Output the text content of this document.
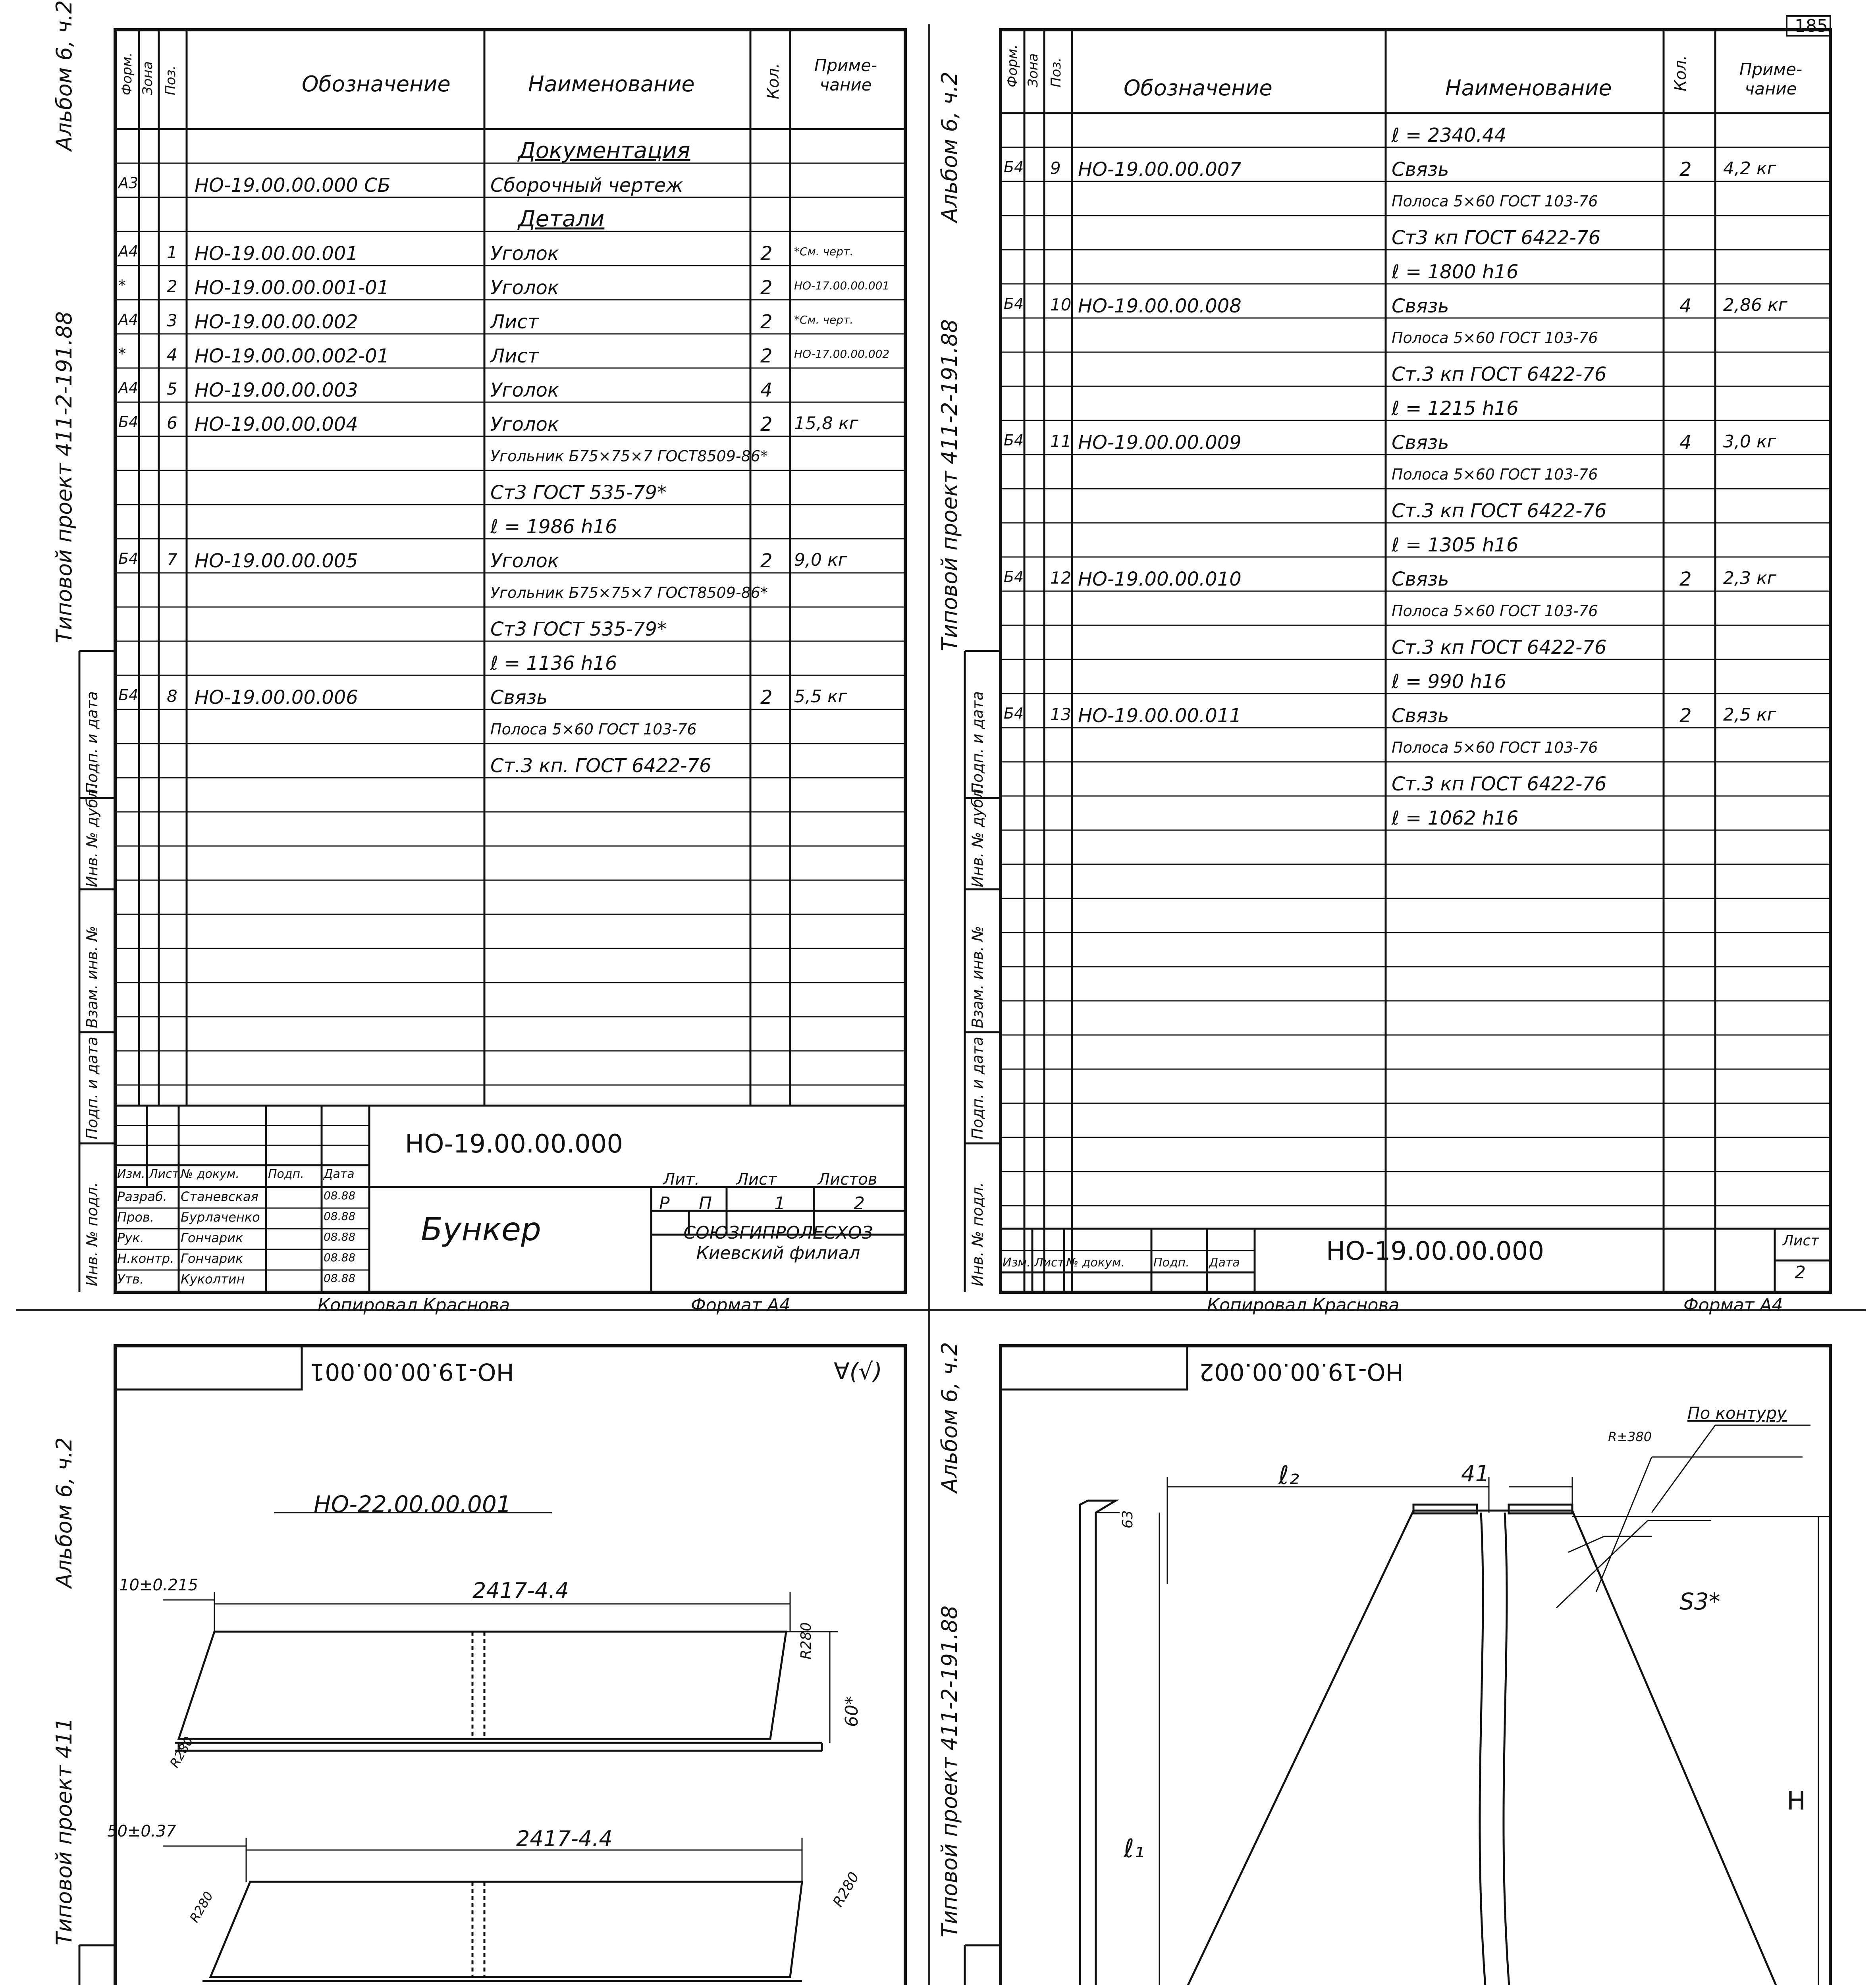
185
Альбом 6, ч.2
Типовой проект 411-2-191.88
Подп. и дата
Инв. № дубл.
Взам. инв. №
Подп. и дата
Инв. № подл.
Форм. Зона Поз.	Обозначение	Наименование	Кол.	Приме-чание
Документация
А3	НО-19.00.00.000 СБ	Сборочный чертеж
Детали
А4 1 НО-19.00.00.001	Уголок	2 *См. черт.
* 2 НО-19.00.00.001-01	Уголок	2 НО-17.00.00.001
А4 3 НО-19.00.00.002	Лист	2 *См. черт.
* 4 НО-19.00.00.002-01	Лист	2 НО-17.00.00.002
А4 5 НО-19.00.00.003	Уголок	4
Б4 6 НО-19.00.00.004	Уголок	2 15,8 кг
Угольник Б75×75×7 ГОСТ8509-86*
Ст3 ГОСТ 535-79*
ℓ = 1986 h16
Б4 7 НО-19.00.00.005	Уголок	2 9,0 кг
Угольник Б75×75×7 ГОСТ8509-86*
Ст3 ГОСТ 535-79*
ℓ = 1136 h16
Б4 8 НО-19.00.00.006	Связь	2 5,5 кг
Полоса 5×60 ГОСТ 103-76
Ст.3 кп. ГОСТ 6422-76
НО-19.00.00.000
Бункер
Лит. Лист	Листов
Р П	1	2
СОЮЗГИПРОЛЕСХОЗ Киевский филиал
Изм. Лист № докум. Подп. Дата
Разраб. Станевская	08.88
Пров. Бурлаченко	08.88
Рук.	Гончарик	08.88
Н.контр. Гончарик	08.88
Утв.	Куколтин	08.88
Копировал Краснова	Формат А4
Альбом 6, ч.2
Типовой проект 411-2-191.88
Подп. и дата
Инв. № дубл.
Взам. инв. №
Подп. и дата
Инв. № подл.
Форм. Зона Поз.
Обозначение	Наименование	Кол.	Приме-чание
ℓ = 2340.44
Б4 9 НО-19.00.00.007	Связь	2 4,2 кг
Полоса 5×60 ГОСТ 103-76
Ст3 кп ГОСТ 6422-76
ℓ = 1800 h16
Б4 10 НО-19.00.00.008	Связь	4 2,86 кг
Полоса 5×60 ГОСТ 103-76
Ст.3 кп ГОСТ 6422-76
ℓ = 1215 h16
Б4 11 НО-19.00.00.009	Связь	4 3,0 кг
Полоса 5×60 ГОСТ 103-76
Ст.3 кп ГОСТ 6422-76
ℓ = 1305 h16
Б4 12 НО-19.00.00.010	Связь	2 2,3 кг
Полоса 5×60 ГОСТ 103-76
Ст.3 кп ГОСТ 6422-76
ℓ = 990 h16
Б4 13 НО-19.00.00.011	Связь	2 2,5 кг
Полоса 5×60 ГОСТ 103-76
Ст.3 кп ГОСТ 6422-76
ℓ = 1062 h16
Изм. Лист № докум. Подп. Дата	НО-19.00.00.000	Лист
2
Копировал Краснова	Формат А4
Альбом 6, ч.2
Типовой проект 411
НО-19.00.00.001	∀(√)
НО-22.00.00.001
2417-4.4
2417-4.4
10±0.215
50±0.37
R280
R280
R280
R280
60*
Альбом 6, ч.2
Типовой проект 411-2-191.88
НО-19.00.00.002
По контуру
R±380
ℓ₂	41
S3*
ℓ₁
H
63
